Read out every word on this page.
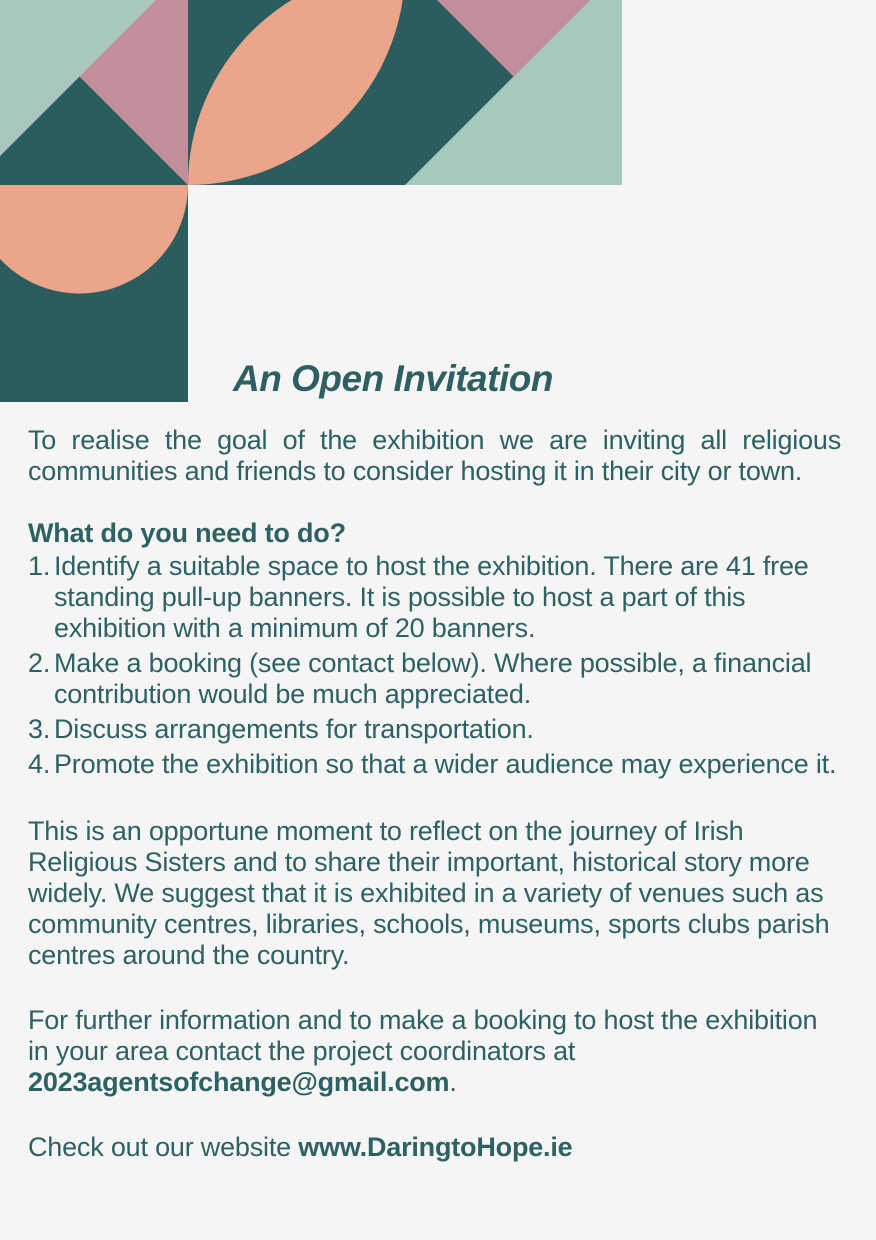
An Open Invitation
To realise the goal of the exhibition we are inviting all religious
communities and friends to consider hosting it in their city or town.
What do you need to do?
1. Identify a suitable space to host the exhibition. There are 41 free
standing pull-up banners. It is possible to host a part of this
exhibition with a minimum of 20 banners.
2. Make a booking (see contact below). Where possible, a financial
contribution would be much appreciated.
3. Discuss arrangements for transportation.
4. Promote the exhibition so that a wider audience may experience it.
This is an opportune moment to reflect on the journey of Irish
Religious Sisters and to share their important, historical story more
widely. We suggest that it is exhibited in a variety of venues such as
community centres, libraries, schools, museums, sports clubs parish
centres around the country.
For further information and to make a booking to host the exhibition
in your area contact the project coordinators at
2023agentsofchange@gmail.com.
Check out our website www.DaringtoHope.ie
